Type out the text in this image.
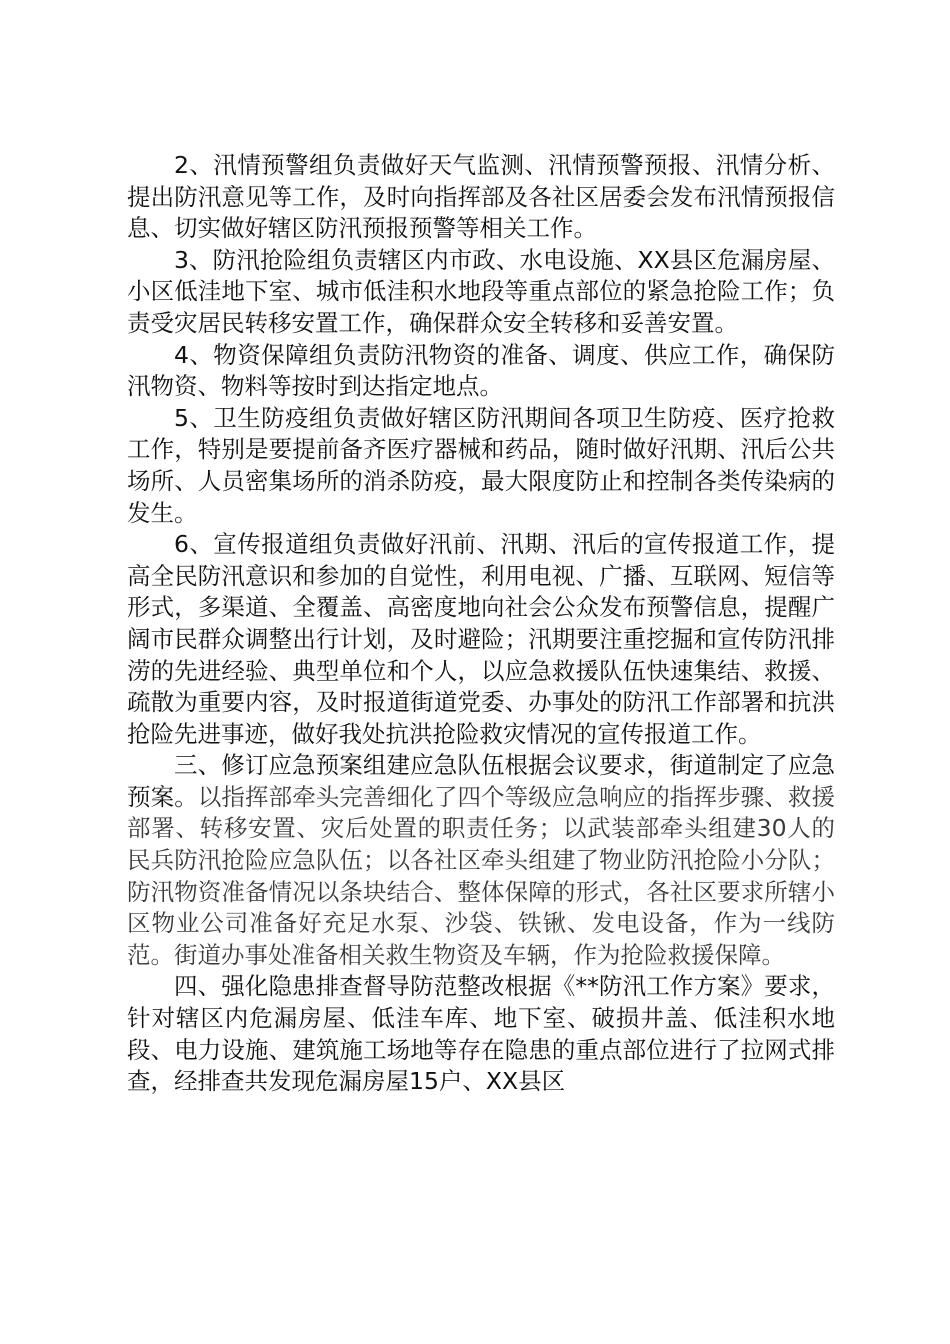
2、汛情预警组负责做好天气监测、汛情预警预报、汛情分析、提出防汛意见等工作，及时向指挥部及各社区居委会发布汛情预报信息、切实做好辖区防汛预报预警等相关工作。

3、防汛抢险组负责辖区内市政、水电设施、XX县区危漏房屋、小区低洼地下室、城市低洼积水地段等重点部位的紧急抢险工作；负责受灾居民转移安置工作，确保群众安全转移和妥善安置。

4、物资保障组负责防汛物资的准备、调度、供应工作，确保防汛物资、物料等按时到达指定地点。

5、卫生防疫组负责做好辖区防汛期间各项卫生防疫、医疗抢救工作，特别是要提前备齐医疗器械和药品，随时做好汛期、汛后公共场所、人员密集场所的消杀防疫，最大限度防止和控制各类传染病的发生。

6、宣传报道组负责做好汛前、汛期、汛后的宣传报道工作，提高全民防汛意识和参加的自觉性，利用电视、广播、互联网、短信等形式，多渠道、全覆盖、高密度地向社会公众发布预警信息，提醒广阔市民群众调整出行计划，及时避险；汛期要注重挖掘和宣传防汛排涝的先进经验、典型单位和个人，以应急救援队伍快速集结、救援、疏散为重要内容，及时报道街道党委、办事处的防汛工作部署和抗洪抢险先进事迹，做好我处抗洪抢险救灾情况的宣传报道工作。

三、修订应急预案组建应急队伍根据会议要求，街道制定了应急预案。以指挥部牵头完善细化了四个等级应急响应的指挥步骤、救援部署、转移安置、灾后处置的职责任务；以武装部牵头组建30人的民兵防汛抢险应急队伍；以各社区牵头组建了物业防汛抢险小分队；防汛物资准备情况以条块结合、整体保障的形式，各社区要求所辖小区物业公司准备好充足水泵、沙袋、铁锹、发电设备，作为一线防范。街道办事处准备相关救生物资及车辆，作为抢险救援保障。

四、强化隐患排查督导防范整改根据《**防汛工作方案》要求，针对辖区内危漏房屋、低洼车库、地下室、破损井盖、低洼积水地段、电力设施、建筑施工场地等存在隐患的重点部位进行了拉网式排查，经排查共发现危漏房屋15户、XX县区
